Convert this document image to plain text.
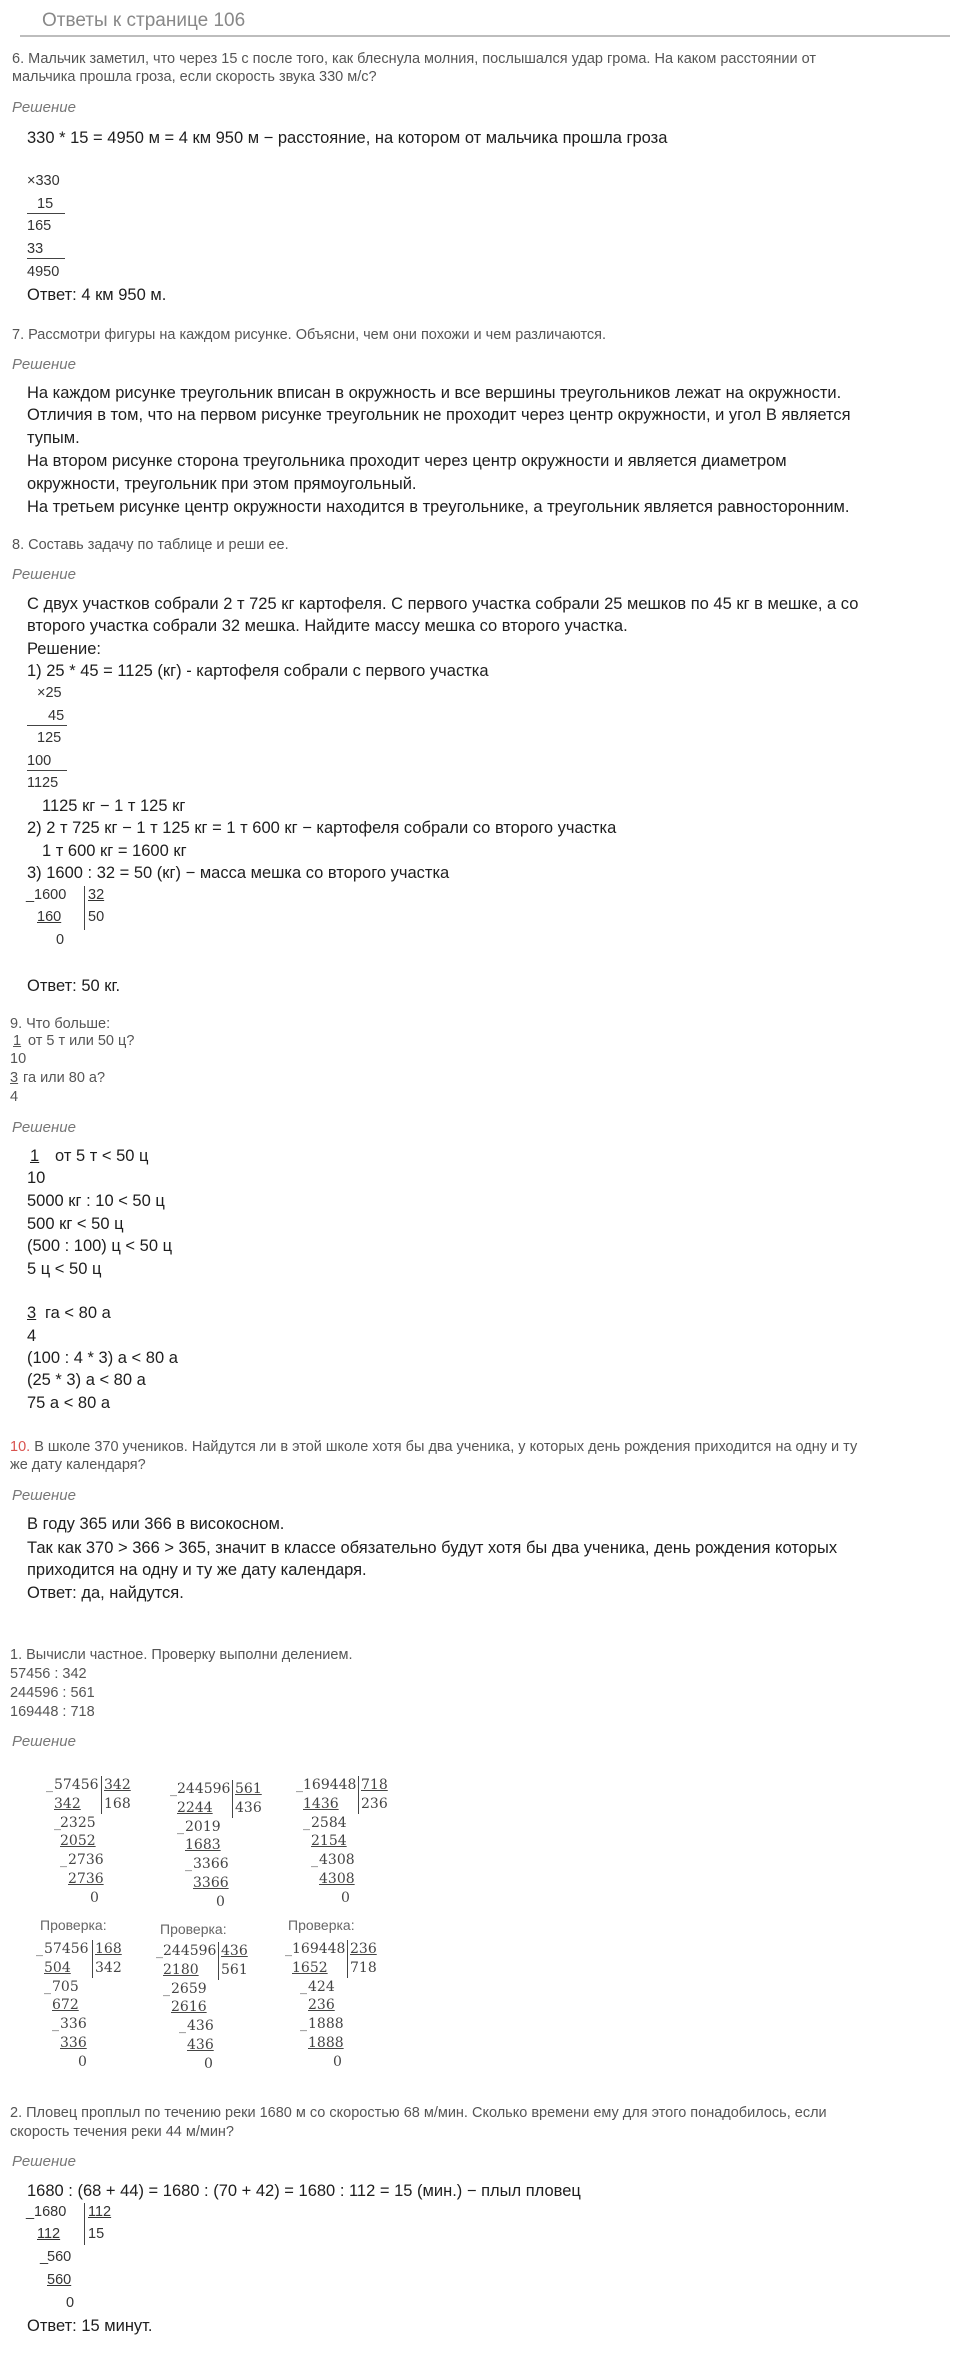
Ответы к странице 106
6. Мальчик заметил, что через 15 с после того, как блеснула молния, послышался удар грома. На каком расстоянии от
мальчика прошла гроза, если скорость звука 330 м/с?
Решение
330 * 15 = 4950 м = 4 км 950 м − расстояние, на котором от мальчика прошла гроза
×330
15
165
33
4950
Ответ: 4 км 950 м.
7. Рассмотри фигуры на каждом рисунке. Объясни, чем они похожи и чем различаются.
Решение
На каждом рисунке треугольник вписан в окружность и все вершины треугольников лежат на окружности.
Отличия в том, что на первом рисунке треугольник не проходит через центр окружности, и угол B является
тупым.
На втором рисунке сторона треугольника проходит через центр окружности и является диаметром
окружности, треугольник при этом прямоугольный.
На третьем рисунке центр окружности находится в треугольнике, а треугольник является равносторонним.
8. Составь задачу по таблице и реши ее.
Решение
С двух участков собрали 2 т 725 кг картофеля. С первого участка собрали 25 мешков по 45 кг в мешке, а со
второго участка собрали 32 мешка. Найдите массу мешка со второго участка.
Решение:
1) 25 * 45 = 1125 (кг) - картофеля собрали с первого участка
×25
45
125
100
1125
1125 кг − 1 т 125 кг
2) 2 т 725 кг − 1 т 125 кг = 1 т 600 кг − картофеля собрали со второго участка
1 т 600 кг = 1600 кг
3) 1600 : 32 = 50 (кг) − масса мешка со второго участка
_ 1600 32
160 50
0
Ответ: 50 кг.
9. Что больше:
1 от 5 т или 50 ц?
10
3 га или 80 а?
4
Решение
1 от 5 т < 50 ц
10
5000 кг : 10 < 50 ц
500 кг < 50 ц
(500 : 100) ц < 50 ц
5 ц < 50 ц
3 га < 80 а
4
(100 : 4 * 3) а < 80 а
(25 * 3) а < 80 а
75 а < 80 а
10. В школе 370 учеников. Найдутся ли в этой школе хотя бы два ученика, у которых день рождения приходится на одну и ту
же дату календаря?
Решение
В году 365 или 366 в високосном.
Так как 370 > 366 > 365, значит в классе обязательно будут хотя бы два ученика, день рождения которых
приходится на одну и ту же дату календаря.
Ответ: да, найдутся.
1. Вычисли частное. Проверку выполни делением.
57456 : 342
244596 : 561
169448 : 718
Решение
_ 57456 342
168
342
_ 2325
2052
_ 2736
2736
0
_ 244596 561
436
2244
_ 2019
1683
_ 3366
3366
0
_ 169448 718
236
1436
_ 2584
2154
_ 4308
4308
0
Проверка:	Проверка:	Проверка:
_ 57456 168
342
504
_ 705
672
_ 336
336
0
_ 244596 436
561
2180
_ 2659
2616
_ 436
436
0
_ 169448 236
718
1652
_ 424
236
_ 1888
1888
0
2. Пловец проплыл по течению реки 1680 м со скоростью 68 м/мин. Сколько времени ему для этого понадобилось, если
скорость течения реки 44 м/мин?
Решение
1680 : (68 + 44) = 1680 : (70 + 42) = 1680 : 112 = 15 (мин.) − плыл пловец
_ 1680 112
112 15
_
560
560
0
Ответ: 15 минут.
